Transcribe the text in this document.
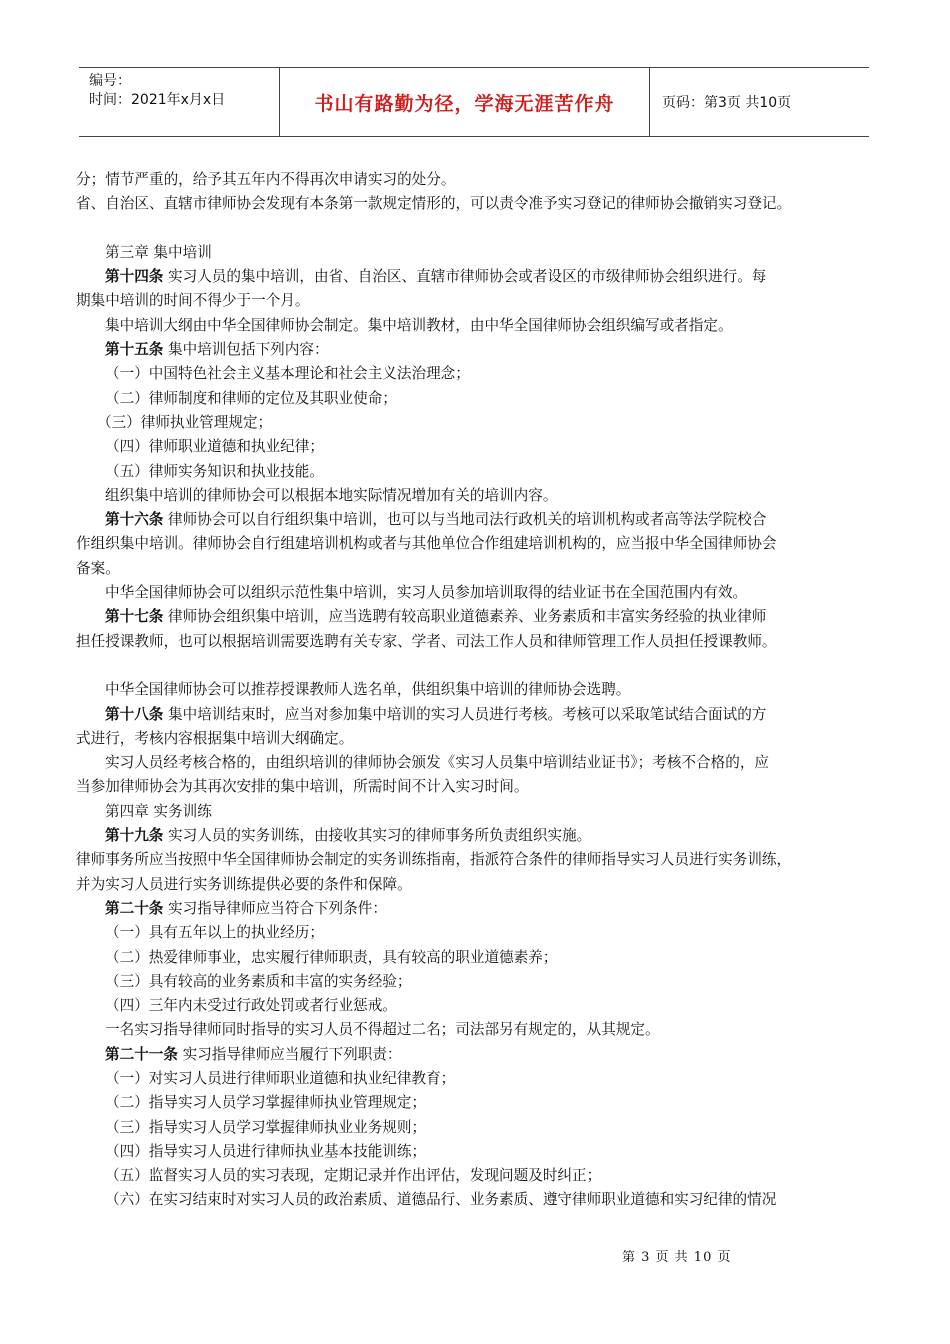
编号：
时间：2021年x月x日	书山有路勤为径，学海无涯苦作舟	页码：第3页 共10页

分；情节严重的，给予其五年内不得再次申请实习的处分。

省、自治区、直辖市律师协会发现有本条第一款规定情形的，可以责令准予实习登记的律师协会撤销实习登记。

第三章 集中培训

第十四条 实习人员的集中培训，由省、自治区、直辖市律师协会或者设区的市级律师协会组织进行。每

期集中培训的时间不得少于一个月。

集中培训大纲由中华全国律师协会制定。集中培训教材，由中华全国律师协会组织编写或者指定。

第十五条 集中培训包括下列内容：

（一）中国特色社会主义基本理论和社会主义法治理念；

（二）律师制度和律师的定位及其职业使命；

（三）律师执业管理规定；

（四）律师职业道德和执业纪律；

（五）律师实务知识和执业技能。

组织集中培训的律师协会可以根据本地实际情况增加有关的培训内容。

第十六条 律师协会可以自行组织集中培训，也可以与当地司法行政机关的培训机构或者高等法学院校合

作组织集中培训。律师协会自行组建培训机构或者与其他单位合作组建培训机构的，应当报中华全国律师协会

备案。

中华全国律师协会可以组织示范性集中培训，实习人员参加培训取得的结业证书在全国范围内有效。

第十七条 律师协会组织集中培训，应当选聘有较高职业道德素养、业务素质和丰富实务经验的执业律师

担任授课教师，也可以根据培训需要选聘有关专家、学者、司法工作人员和律师管理工作人员担任授课教师。

中华全国律师协会可以推荐授课教师人选名单，供组织集中培训的律师协会选聘。

第十八条 集中培训结束时，应当对参加集中培训的实习人员进行考核。考核可以采取笔试结合面试的方

式进行，考核内容根据集中培训大纲确定。

实习人员经考核合格的，由组织培训的律师协会颁发《实习人员集中培训结业证书》；考核不合格的，应

当参加律师协会为其再次安排的集中培训，所需时间不计入实习时间。

第四章 实务训练

第十九条 实习人员的实务训练，由接收其实习的律师事务所负责组织实施。

律师事务所应当按照中华全国律师协会制定的实务训练指南，指派符合条件的律师指导实习人员进行实务训练，

并为实习人员进行实务训练提供必要的条件和保障。

第二十条 实习指导律师应当符合下列条件：

（一）具有五年以上的执业经历；

（二）热爱律师事业，忠实履行律师职责，具有较高的职业道德素养；

（三）具有较高的业务素质和丰富的实务经验；

（四）三年内未受过行政处罚或者行业惩戒。

一名实习指导律师同时指导的实习人员不得超过二名；司法部另有规定的，从其规定。

第二十一条 实习指导律师应当履行下列职责：

（一）对实习人员进行律师职业道德和执业纪律教育；

（二）指导实习人员学习掌握律师执业管理规定；

（三）指导实习人员学习掌握律师执业业务规则；

（四）指导实习人员进行律师执业基本技能训练；

（五）监督实习人员的实习表现，定期记录并作出评估，发现问题及时纠正；

（六）在实习结束时对实习人员的政治素质、道德品行、业务素质、遵守律师职业道德和实习纪律的情况

第 3 页 共 10 页
